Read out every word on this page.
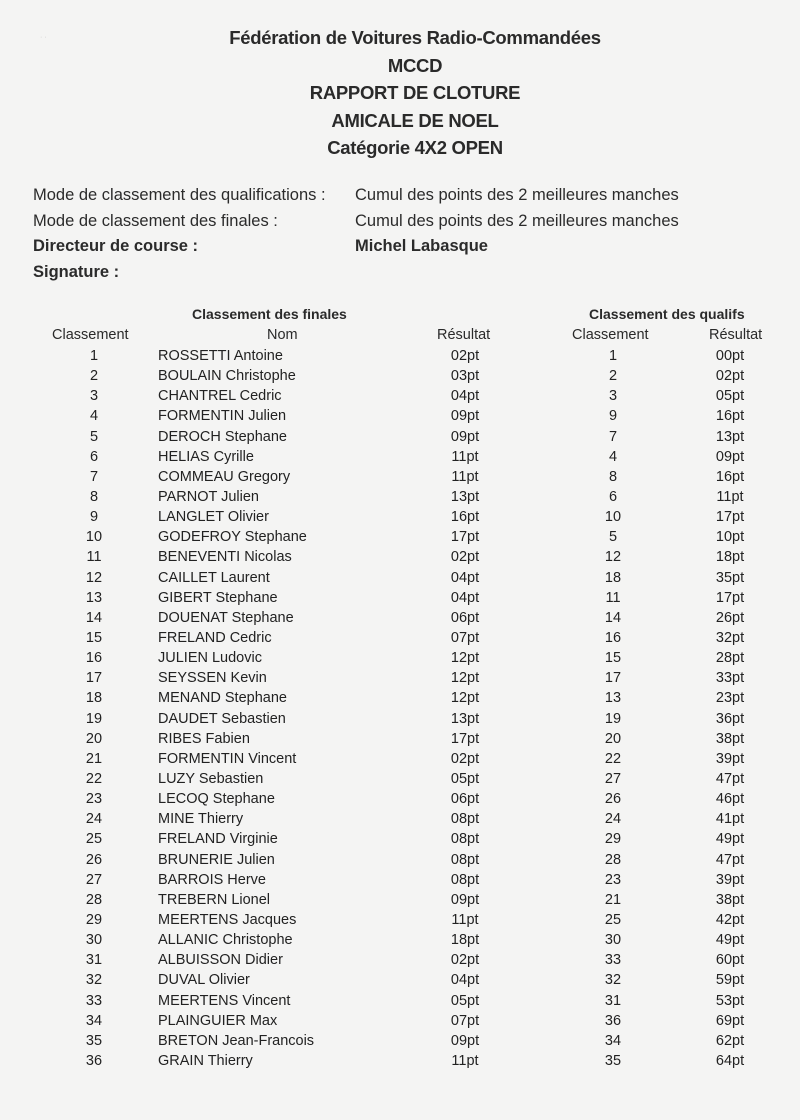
Fédération de Voitures Radio-Commandées
MCCD
RAPPORT DE CLOTURE
AMICALE DE NOEL
Catégorie 4X2 OPEN
Mode de classement des qualifications :	Cumul des points des 2 meilleures manches
Mode de classement des finales :	Cumul des points des 2 meilleures manches
Directeur de course :	Michel Labasque
Signature :
Classement des finales	Classement des qualifs
Classement	Nom	Résultat	Classement	Résultat
1	ROSSETTI Antoine	02pt	1	00pt
2	BOULAIN Christophe	03pt	2	02pt
3	CHANTREL Cedric	04pt	3	05pt
4	FORMENTIN Julien	09pt	9	16pt
5	DEROCH Stephane	09pt	7	13pt
6	HELIAS Cyrille	11pt	4	09pt
7	COMMEAU Gregory	11pt	8	16pt
8	PARNOT Julien	13pt	6	11pt
9	LANGLET Olivier	16pt	10	17pt
10	GODEFROY Stephane	17pt	5	10pt
11	BENEVENTI Nicolas	02pt	12	18pt
12	CAILLET Laurent	04pt	18	35pt
13	GIBERT Stephane	04pt	11	17pt
14	DOUENAT Stephane	06pt	14	26pt
15	FRELAND Cedric	07pt	16	32pt
16	JULIEN Ludovic	12pt	15	28pt
17	SEYSSEN Kevin	12pt	17	33pt
18	MENAND Stephane	12pt	13	23pt
19	DAUDET Sebastien	13pt	19	36pt
20	RIBES Fabien	17pt	20	38pt
21	FORMENTIN Vincent	02pt	22	39pt
22	LUZY Sebastien	05pt	27	47pt
23	LECOQ Stephane	06pt	26	46pt
24	MINE Thierry	08pt	24	41pt
25	FRELAND Virginie	08pt	29	49pt
26	BRUNERIE Julien	08pt	28	47pt
27	BARROIS Herve	08pt	23	39pt
28	TREBERN Lionel	09pt	21	38pt
29	MEERTENS Jacques	11pt	25	42pt
30	ALLANIC Christophe	18pt	30	49pt
31	ALBUISSON Didier	02pt	33	60pt
32	DUVAL Olivier	04pt	32	59pt
33	MEERTENS Vincent	05pt	31	53pt
34	PLAINGUIER Max	07pt	36	69pt
35	BRETON Jean-Francois	09pt	34	62pt
36	GRAIN Thierry	11pt	35	64pt
· ·
